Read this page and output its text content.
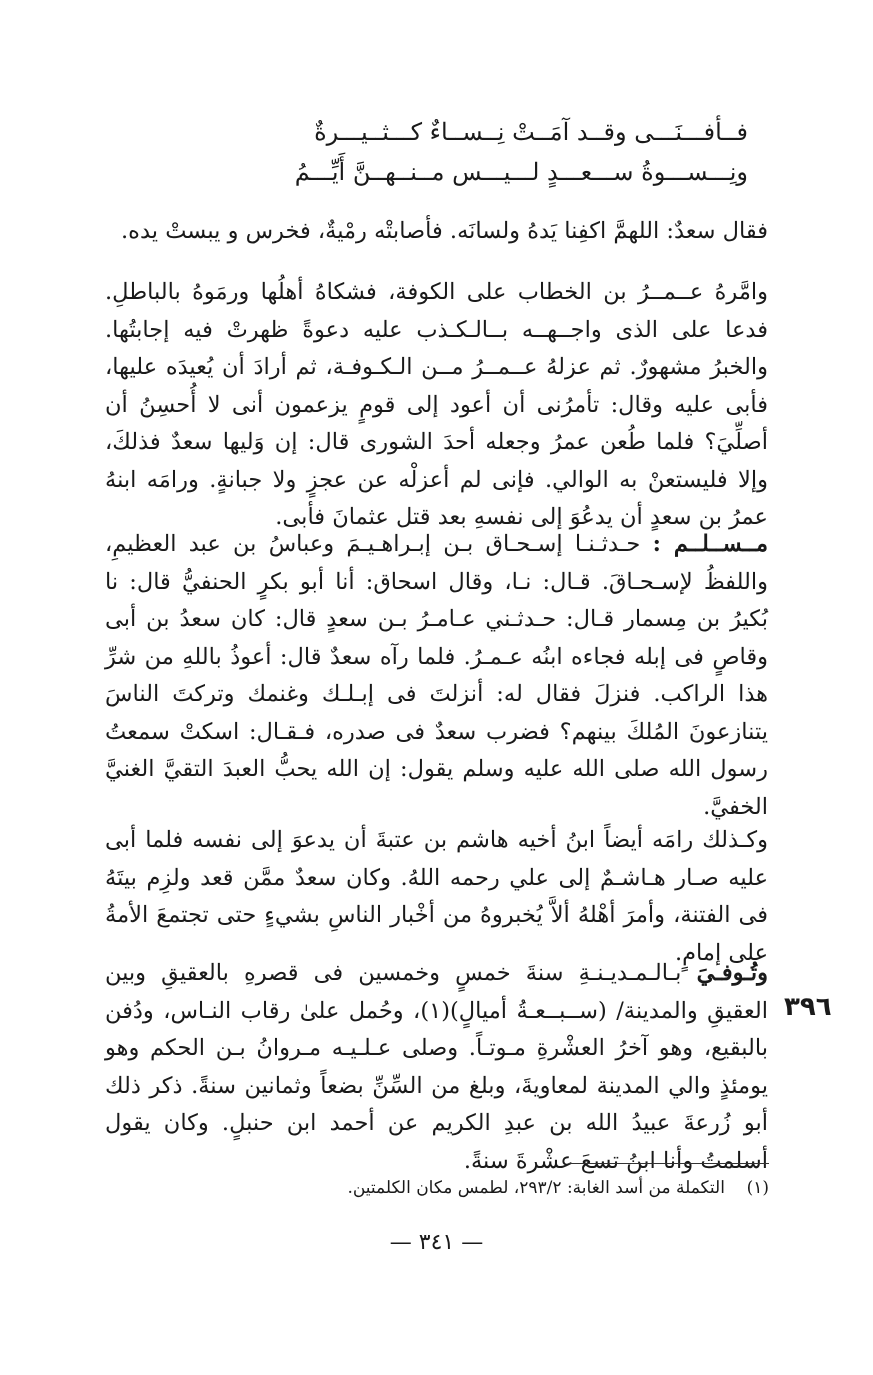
فــأفـــنَـــى وقــد آمَــتْ نِــســاءٌ كـــثــيـــرةٌ
ونِـــســـوةُ ســـعـــدٍ لـــيـــس مــنــهــنَّ أَيِّـــمُ

فقال سعدٌ: اللهمَّ اكفِنا يَدهُ ولسانَه. فأصابتْه رمْيةٌ، فخرس و يبستْ يده.

وامَّرهُ عــمــرُ بن الخطاب على الكوفة، فشكاهُ أهلُها ورمَوهُ بالباطلِ. فدعا على الذى واجــهــه بــالـكـذب عليه دعوةً ظهرتْ فيه إجابتُها. والخبرُ مشهورٌ. ثم عزلهُ عــمــرُ مــن الـكـوفـة، ثم أرادَ أن يُعيدَه عليها، فأبى عليه وقال: تأمرُنى أن أعود إلى قومٍ يزعمون أنى لا أُحسِنُ أن أصلِّيَ؟ فلما طُعن عمرُ وجعله أحدَ الشورى قال: إن وَليها سعدٌ فذلكَ، وإلا فليستعنْ به الوالي. فإنى لم أعزلْه عن عجزٍ ولا جبانةٍ. ورامَه ابنهُ عمرُ بن سعدٍ أن يدعُوَ إلى نفسهِ بعد قتل عثمانَ فأبى.

مــســلــم : حـدثـنـا إسـحـاق بـن إبـراهـيـمَ وعباسُ بن عبد العظيمِ، واللفظُ لإسـحـاقَ. قـال: نـا، وقال اسحاق: أنا أبو بكرٍ الحنفيُّ قال: نا بُكيرُ بن مِسمار قـال: حـدثـني عـامـرُ بـن سعدٍ قال: كان سعدُ بن أبى وقاصٍ فى إبله فجاءه ابنُه عـمـرُ. فلما رآه سعدٌ قال: أعوذُ باللهِ من شرِّ هذا الراكب. فنزلَ فقال له: أنزلتَ فى إبـلـك وغنمك وتركتَ الناسَ يتنازعونَ المُلكَ بينهم؟ فضرب سعدٌ فى صدره، فـقـال: اسكتْ سمعتُ رسول الله صلى الله عليه وسلم يقول: إن الله يحبُّ العبدَ التقيَّ الغنيَّ الخفيَّ.

وكـذلك رامَه أيضاً ابنُ أخيه هاشم بن عتبةَ أن يدعوَ إلى نفسه فلما أبى عليه صـار هـاشـمٌ إلى علي رحمه اللهُ. وكان سعدٌ ممَّن قعد ولزِم بيتَهُ فى الفتنة، وأمرَ أهْلهُ ألاَّ يُخبروهُ من أخْبار الناسِ بشيءٍ حتى تجتمعَ الأمةُ على إمامٍ.

وتُـوفـيَ بـالـمـديـنـةِ سنةَ خمسٍ وخمسين فى قصرهِ بالعقيقِ وبين العقيقِ والمدينة/ (ســبــعـةُ أميالٍ)(١)، وحُمل علىٰ رقاب النـاس، ودُفن بالبقيع، وهو آخرُ العشْرةِ مـوتـاً. وصلى عـلـيـه مـروانُ بـن الحكم وهو يومئذٍ والي المدينة لمعاويةَ، وبلغ من السِّنِّ بضعاً وثمانين سنةً. ذكر ذلك أبو زُرعةَ عبيدُ الله بن عبدِ الكريم عن أحمد ابن حنبلٍ. وكان يقول أسلمتُ وأنا ابنُ تسعَ عشْرةَ سنةً.

٣٩٦
(١)    التكملة من أسد الغابة: ٢٩٣/٢، لطمس مكان الكلمتين.
— ٣٤١ —
